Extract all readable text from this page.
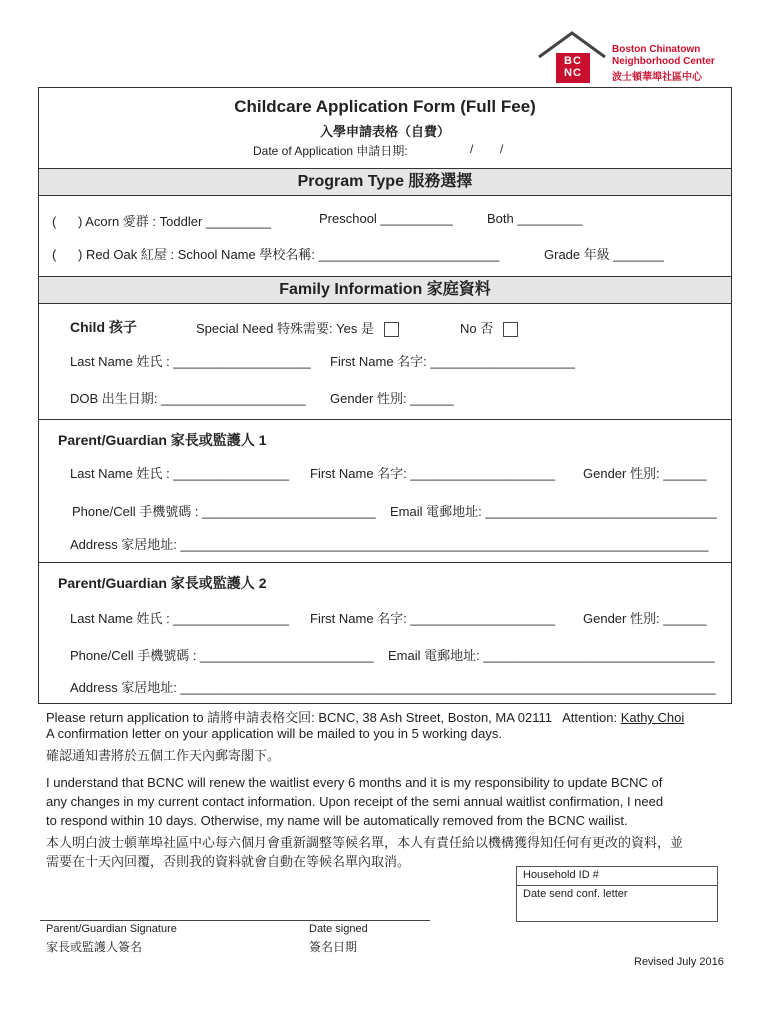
BC
NC
Boston Chinatown
Neighborhood Center
波士頓華埠社區中心
Childcare Application Form (Full Fee)
入學申請表格（自費）
Date of Application 申請日期:	/        /
Program Type 服務選擇
(      ) Acorn 愛群 : Toddler _________	Preschool __________	Both _________
(      ) Red Oak 紅屋 : School Name 學校名稱: _________________________	Grade 年級 _______
Family Information 家庭資料
Child 孩子	Special Need 特殊需要: Yes 是	No 否
Last Name 姓氏 : ___________________ First Name 名字: ____________________
DOB 出生日期: ____________________ Gender 性別: ______
Parent/Guardian 家長或監護人 1
Last Name 姓氏 : ________________ First Name 名字: ____________________ Gender 性別: ______
Phone/Cell 手機號碼 : ________________________ Email 電郵地址: ________________________________
Address 家居地址: _________________________________________________________________________
Parent/Guardian 家長或監護人 2
Last Name 姓氏 : ________________ First Name 名字: ____________________ Gender 性別: ______
Phone/Cell 手機號碼 : ________________________ Email 電郵地址: ________________________________
Address 家居地址: __________________________________________________________________________
Please return application to 請將申請表格交回: BCNC, 38 Ash Street, Boston, MA 02111   Attention: Kathy Choi
A confirmation letter on your application will be mailed to you in 5 working days.
確認通知書將於五個工作天內郵寄閣下。
I understand that BCNC will renew the waitlist every 6 months and it is my responsibility to update BCNC of
any changes in my current contact information. Upon receipt of the semi annual waitlist confirmation, I need
to respond within 10 days. Otherwise, my name will be automatically removed from the BCNC wailist.
本人明白波士頓華埠社區中心每六個月會重新調整等候名單，本人有責任給以機構獲得知任何有更改的資料，並
需要在十天內回覆，否則我的資料就會自動在等候名單內取消。
Household ID #
Date send conf. letter
Parent/Guardian Signature
家長或監護人簽名
Date signed
簽名日期
Revised July 2016
